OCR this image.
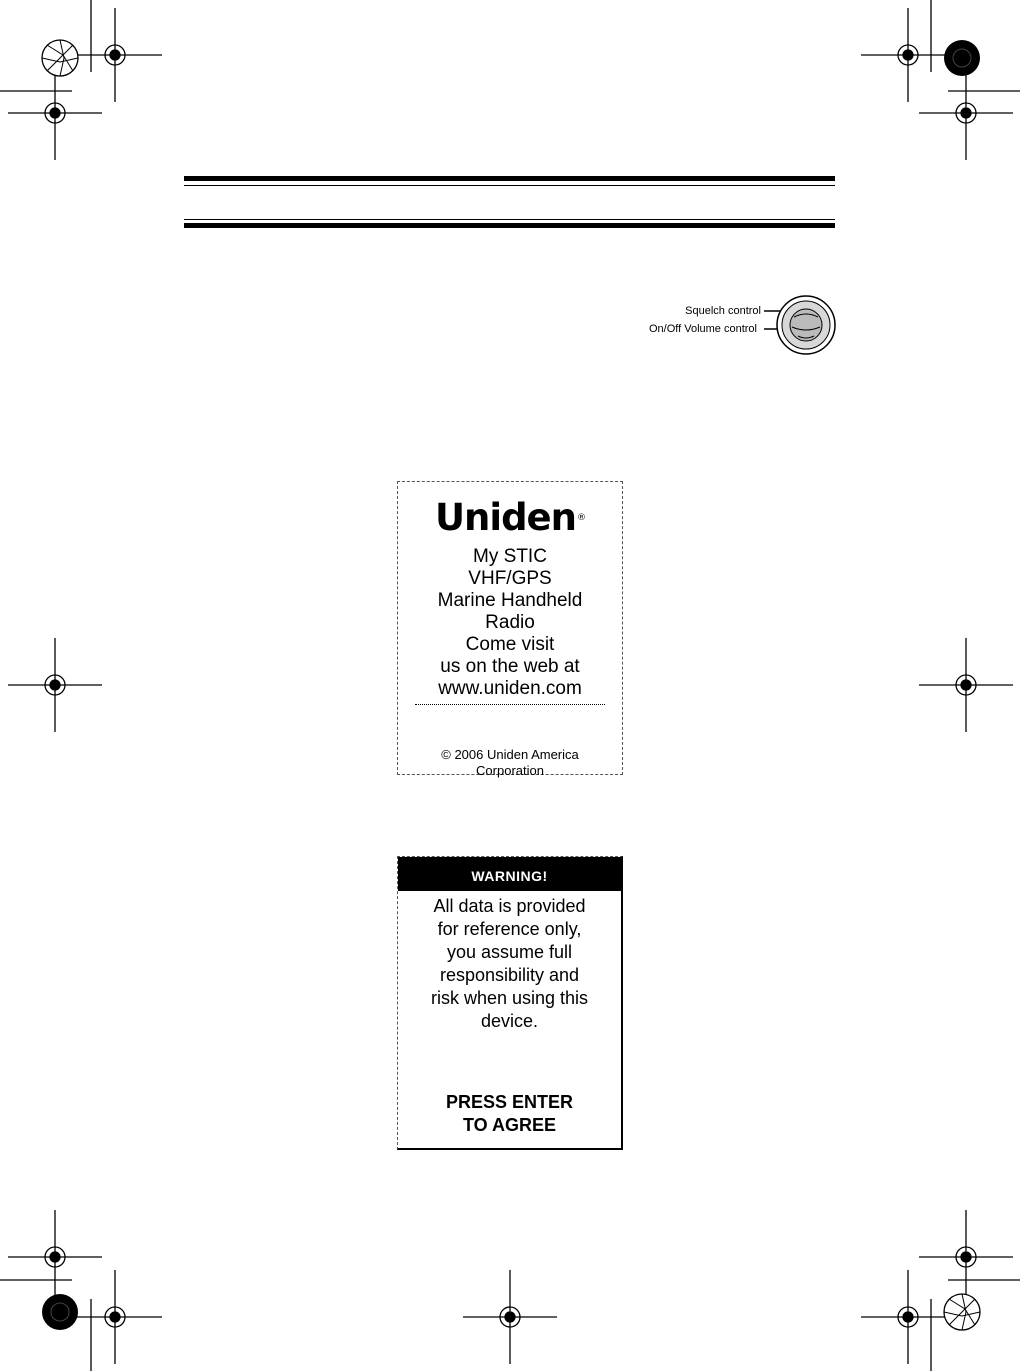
Squelch control
On/Off Volume control
Uniden®
My STIC
VHF/GPS
Marine Handheld
Radio
Come visit
us on the web at
www.uniden.com
© 2006 Uniden America
Corporation
WARNING!
All data is provided
for reference only,
you assume full
responsibility and
risk when using this
device.
PRESS ENTER
TO AGREE
